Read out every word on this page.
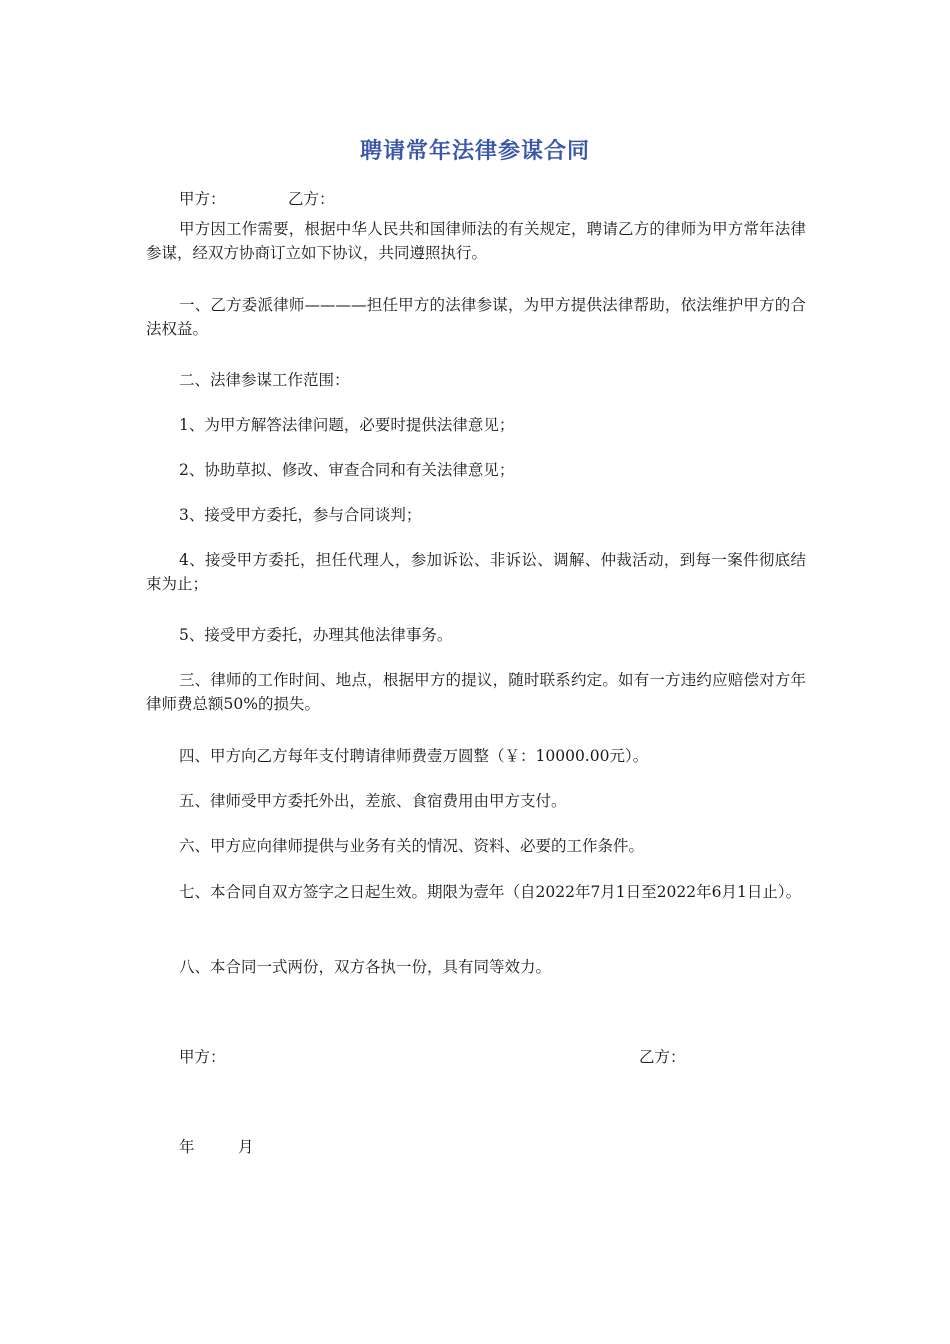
聘请常年法律参谋合同
甲方：	乙方：
甲方因工作需要，根据中华人民共和国律师法的有关规定，聘请乙方的律师为甲方常年法律参谋，经双方协商订立如下协议，共同遵照执行。
一、乙方委派律师————担任甲方的法律参谋，为甲方提供法律帮助，依法维护甲方的合法权益。
二、法律参谋工作范围：
1、为甲方解答法律问题，必要时提供法律意见；
2、协助草拟、修改、审查合同和有关法律意见；
3、接受甲方委托，参与合同谈判；
4、接受甲方委托，担任代理人，参加诉讼、非诉讼、调解、仲裁活动，到每一案件彻底结束为止；
5、接受甲方委托，办理其他法律事务。
三、律师的工作时间、地点，根据甲方的提议，随时联系约定。如有一方违约应赔偿对方年律师费总额50%的损失。
四、甲方向乙方每年支付聘请律师费壹万圆整（￥：10000.00元）。
五、律师受甲方委托外出，差旅、食宿费用由甲方支付。
六、甲方应向律师提供与业务有关的情况、资料、必要的工作条件。
七、本合同自双方签字之日起生效。期限为壹年（自2022年7月1日至2022年6月1日止）。
八、本合同一式两份，双方各执一份，具有同等效力。
甲方：	乙方：
年	月
